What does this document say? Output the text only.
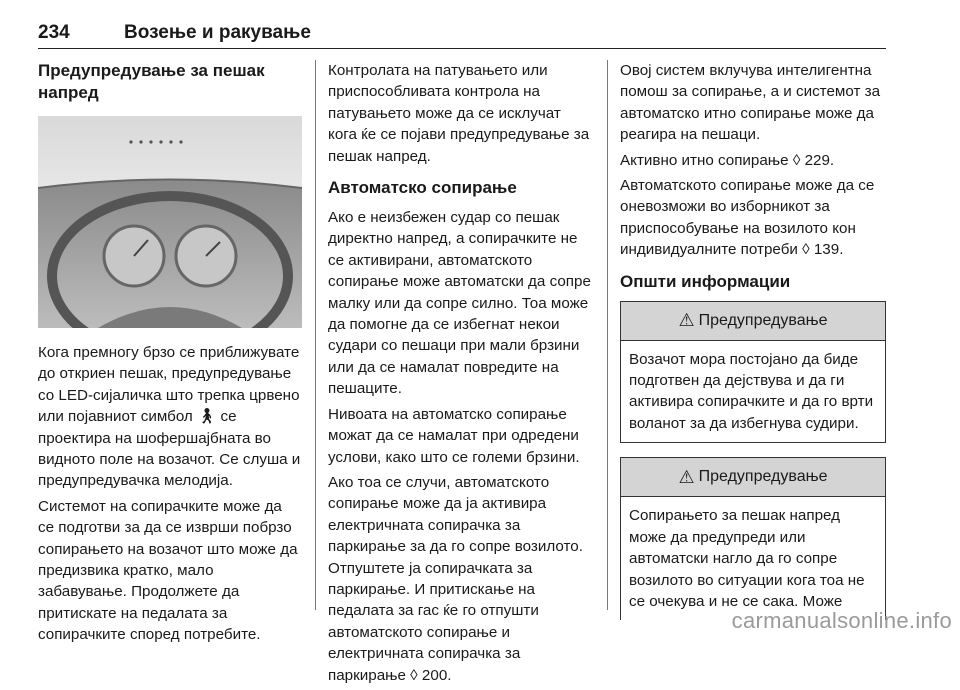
234	Возење и ракување
Предупредување за пешак
напред

Кога премногу брзо се приближувате до откриен пешак, предупредување со LED-сијаличка што трепка црвено или појавниот симбол 🚶︎ се проектира на шофершајбната во видното поле на возачот. Се слуша и предупредувачка мелодија.

Системот на сопирачките може да се подготви за да се изврши побрзо сопирањето на возачот што може да предизвика кратко, мало забавување. Продолжете да притискате на педалата за сопирачките според потребите.

Контролата на патувањето или приспособливата контрола на патувањето може да се исклучат кога ќе се појави предупредување за пешак напред.

Автоматско сопирање

Ако е неизбежен судар со пешак директно напред, а сопирачките не се активирани, автоматското сопирање може автоматски да сопре малку или да сопре силно. Тоа може да помогне да се избегнат некои судари со пешаци при мали брзини или да се намалат повредите на пешаците.

Нивоата на автоматско сопирање можат да се намалат при одредени услови, како што се големи брзини.

Ако тоа се случи, автоматското сопирање може да ја активира електричната сопирачка за паркирање за да го сопре возилото. Отпуштете ја сопирачката за паркирање. И притискање на педалата за гас ќе го отпушти автоматското сопирање и електричната сопирачка за паркирање ◊ 200.

Овој систем вклучува интелигентна помош за сопирање, а и системот за автоматско итно сопирање може да реагира на пешаци.

Активно итно сопирање ◊ 229.

Автоматското сопирање може да се оневозможи во изборникот за приспособување на возилото кон индивидуалните потреби ◊ 139.

Општи информации
⚠ Предупредување

Возачот мора постојано да биде подготвен да дејствува и да ги активира сопирачките и да го врти воланот за да избегнува судири.

⚠ Предупредување

Сопирањето за пешак напред може да предупреди или автоматски нагло да го сопре возилото во ситуации кога тоа не се очекува и не се сака. Може

carmanualsonline.info
